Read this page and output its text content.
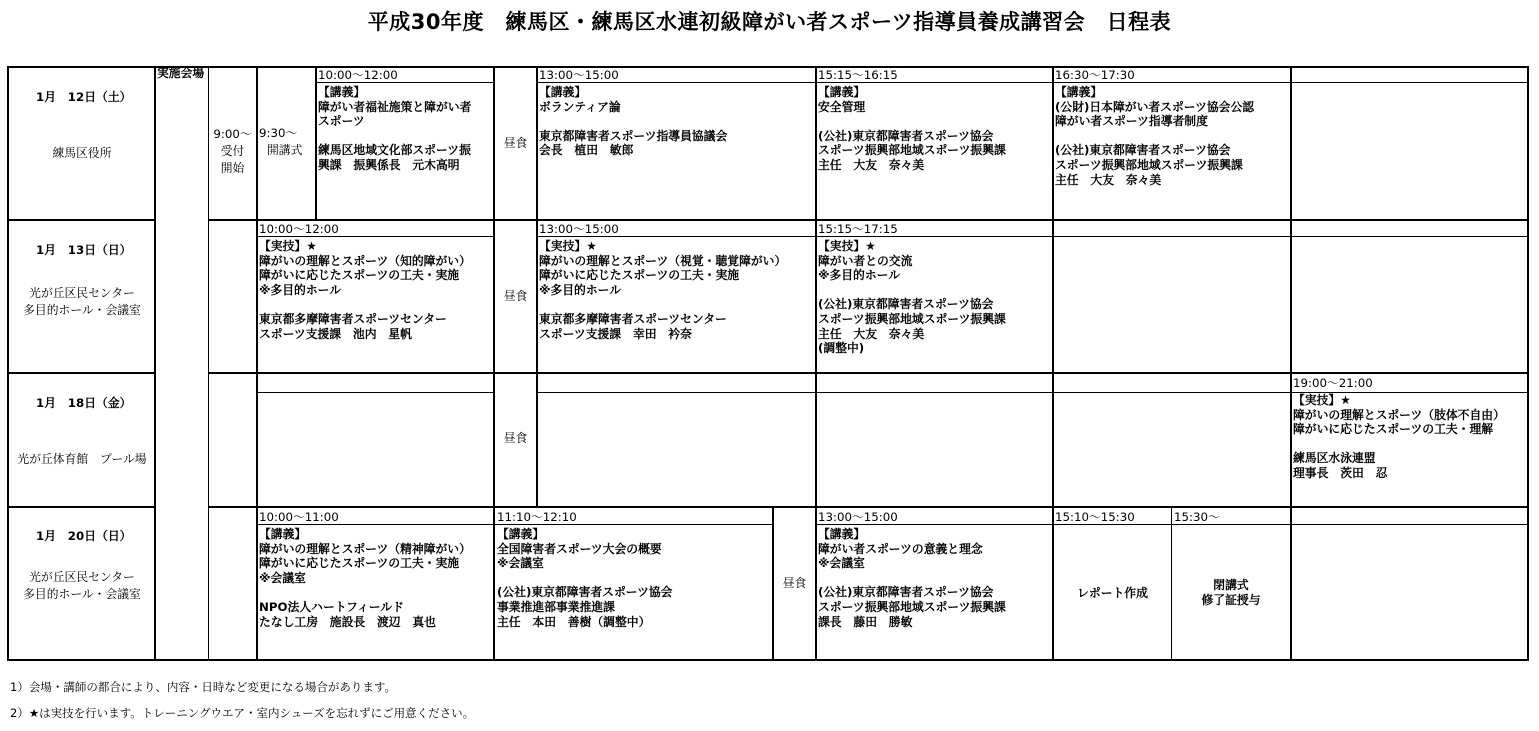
平成30年度　練馬区・練馬区水連初級障がい者スポーツ指導員養成講習会　日程表
実施会場
1月　12日（土）
練馬区役所
9:00～
受付
開始
9:30～
開講式
10:00～12:00
【講義】
障がい者福祉施策と障がい者
スポーツ

練馬区地域文化部スポーツ振
興課　振興係長　元木高明
昼食
13:00～15:00
【講義】
ボランティア論

東京都障害者スポーツ指導員協議会
会長　植田　敏郎
15:15～16:15
【講義】
安全管理

(公社)東京都障害者スポーツ協会
スポーツ振興部地域スポーツ振興課
主任　大友　奈々美
16:30～17:30
【講義】
(公財)日本障がい者スポーツ協会公認
障がい者スポーツ指導者制度

(公社)東京都障害者スポーツ協会
スポーツ振興部地域スポーツ振興課
主任　大友　奈々美
1月　13日（日）
光が丘区民センター
多目的ホール・会議室
10:00～12:00
【実技】★
障がいの理解とスポーツ（知的障がい）
障がいに応じたスポーツの工夫・実施
※多目的ホール

東京都多摩障害者スポーツセンター
スポーツ支援課　池内　星帆
昼食
13:00～15:00
【実技】★
障がいの理解とスポーツ（視覚・聴覚障がい）
障がいに応じたスポーツの工夫・実施
※多目的ホール

東京都多摩障害者スポーツセンター
スポーツ支援課　幸田　衿奈
15:15～17:15
【実技】★
障がい者との交流
※多目的ホール

(公社)東京都障害者スポーツ協会
スポーツ振興部地域スポーツ振興課
主任　大友　奈々美
(調整中)
1月　18日（金）
光が丘体育館　プール場
昼食
19:00～21:00
【実技】★
障がいの理解とスポーツ（肢体不自由）
障がいに応じたスポーツの工夫・理解

練馬区水泳連盟
理事長　茨田　忍
1月　20日（日）
光が丘区民センター
多目的ホール・会議室
10:00～11:00
【講義】
障がいの理解とスポーツ（精神障がい）
障がいに応じたスポーツの工夫・実施
※会議室

NPO法人ハートフィールド
たなし工房　施設長　渡辺　真也
11:10～12:10
【講義】
全国障害者スポーツ大会の概要
※会議室

(公社)東京都障害者スポーツ協会
事業推進部事業推進課
主任　本田　善樹（調整中）
昼食
13:00～15:00
【講義】
障がい者スポーツの意義と理念
※会議室

(公社)東京都障害者スポーツ協会
スポーツ振興部地域スポーツ振興課
課長　藤田　勝敏
15:10～15:30
レポート作成
15:30～
閉講式
修了証授与
1）会場・講師の都合により、内容・日時など変更になる場合があります。
2）★は実技を行います。トレーニングウエア・室内シューズを忘れずにご用意ください。
